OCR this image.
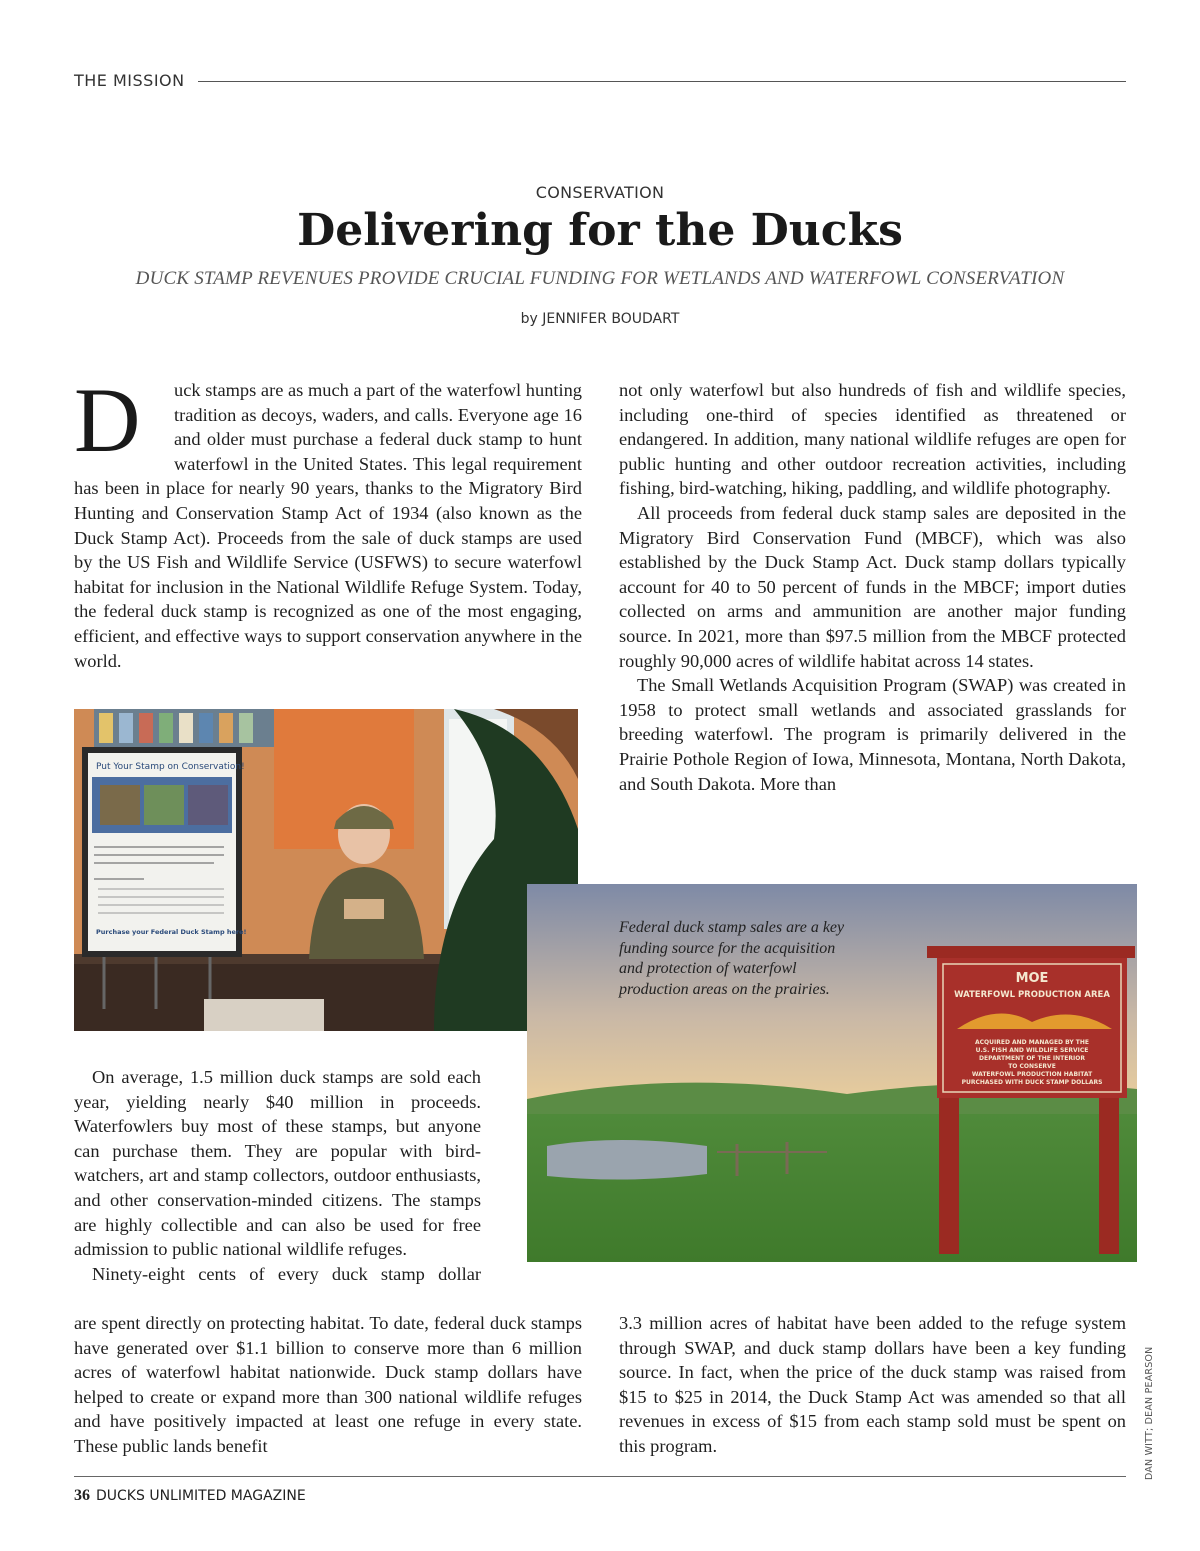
THE MISSION
CONSERVATION
Delivering for the Ducks
DUCK STAMP REVENUES PROVIDE CRUCIAL FUNDING FOR WETLANDS AND WATERFOWL CONSERVATION
by JENNIFER BOUDART
D	uck stamps are as much a part of the waterfowl hunting tradition as decoys, waders, and calls. Everyone age 16 and older must purchase a federal duck stamp to hunt waterfowl in the United States. This legal requirement has been in place for nearly 90 years, thanks to the Migratory Bird Hunting and Conservation Stamp Act of 1934 (also known as the Duck Stamp Act). Proceeds from the sale of duck stamps are used by the US Fish and Wildlife Service (USFWS) to secure waterfowl habitat for inclusion in the National Wildlife Refuge System. Today, the federal duck stamp is recognized as one of the most engaging, efficient, and effective ways to support conservation anywhere in the world.
Put Your Stamp on Conservation!
Purchase your Federal Duck Stamp here!
MOE
WATERFOWL PRODUCTION AREA
ACQUIRED AND MANAGED BY THE
U.S. FISH AND WILDLIFE SERVICE
DEPARTMENT OF THE INTERIOR
TO CONSERVE
WATERFOWL PRODUCTION HABITAT
PURCHASED WITH DUCK STAMP DOLLARS
Federal duck stamp sales are a key funding source for the acquisition and protection of waterfowl production areas on the prairies.

On average, 1.5 million duck stamps are sold each year, yielding nearly $40 million in proceeds. Waterfowlers buy most of these stamps, but anyone can purchase them. They are popular with bird-watchers, art and stamp collectors, outdoor enthusiasts, and other conservation-minded citizens. The stamps are highly collectible and can also be used for free admission to public national wildlife refuges.

Ninety-eight cents of every duck stamp dollar

are spent directly on protecting habitat. To date, federal duck stamps have generated over $1.1 billion to conserve more than 6 million acres of waterfowl habitat nationwide. Duck stamp dollars have helped to create or expand more than 300 national wildlife refuges and have positively impacted at least one refuge in every state. These public lands benefit

not only waterfowl but also hundreds of fish and wildlife species, including one-third of species identified as threatened or endangered. In addition, many national wildlife refuges are open for public hunting and other outdoor recreation activities, including fishing, bird-watching, hiking, paddling, and wildlife photography.

All proceeds from federal duck stamp sales are deposited in the Migratory Bird Conservation Fund (MBCF), which was also established by the Duck Stamp Act. Duck stamp dollars typically account for 40 to 50 percent of funds in the MBCF; import duties collected on arms and ammunition are another major funding source. In 2021, more than $97.5 million from the MBCF protected roughly 90,000 acres of wildlife habitat across 14 states.

The Small Wetlands Acquisition Program (SWAP) was created in 1958 to protect small wetlands and associated grasslands for breeding waterfowl. The program is primarily delivered in the Prairie Pothole Region of Iowa, Minnesota, Montana, North Dakota, and South Dakota. More than

3.3 million acres of habitat have been added to the refuge system through SWAP, and duck stamp dollars have been a key funding source. In fact, when the price of the duck stamp was raised from $15 to $25 in 2014, the Duck Stamp Act was amended so that all revenues in excess of $15 from each stamp sold must be spent on this program.	DAN WITT; DEAN PEARSON
36 DUCKS UNLIMITED MAGAZINE
